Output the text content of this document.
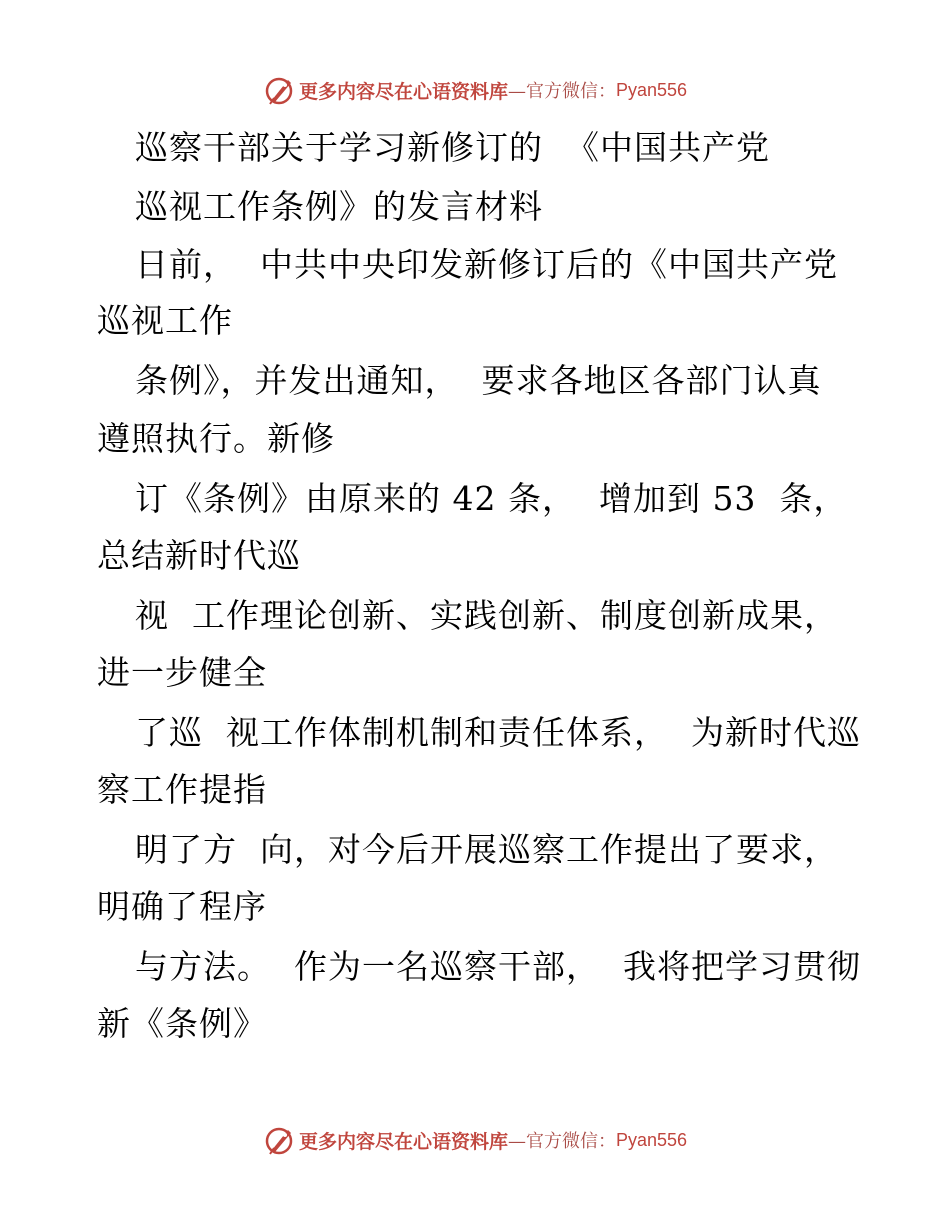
更多内容尽在心语资料库 —官方微信： Pyan556
巡察干部关于学习新修订的  《中国共产党
巡视工作条例》的发言材料
日前，  中共中央印发新修订后的《中国共产党
巡视工作
条例》，并发出通知，  要求各地区各部门认真
遵照执行。新修
订《条例》由原来的 42 条，  增加到 53  条，
总结新时代巡
视  工作理论创新、实践创新、制度创新成果，
进一步健全
了巡  视工作体制机制和责任体系，  为新时代巡
察工作提指
明了方  向，对今后开展巡察工作提出了要求，
明确了程序
与方法。  作为一名巡察干部，  我将把学习贯彻
新《条例》
更多内容尽在心语资料库 —官方微信： Pyan556
